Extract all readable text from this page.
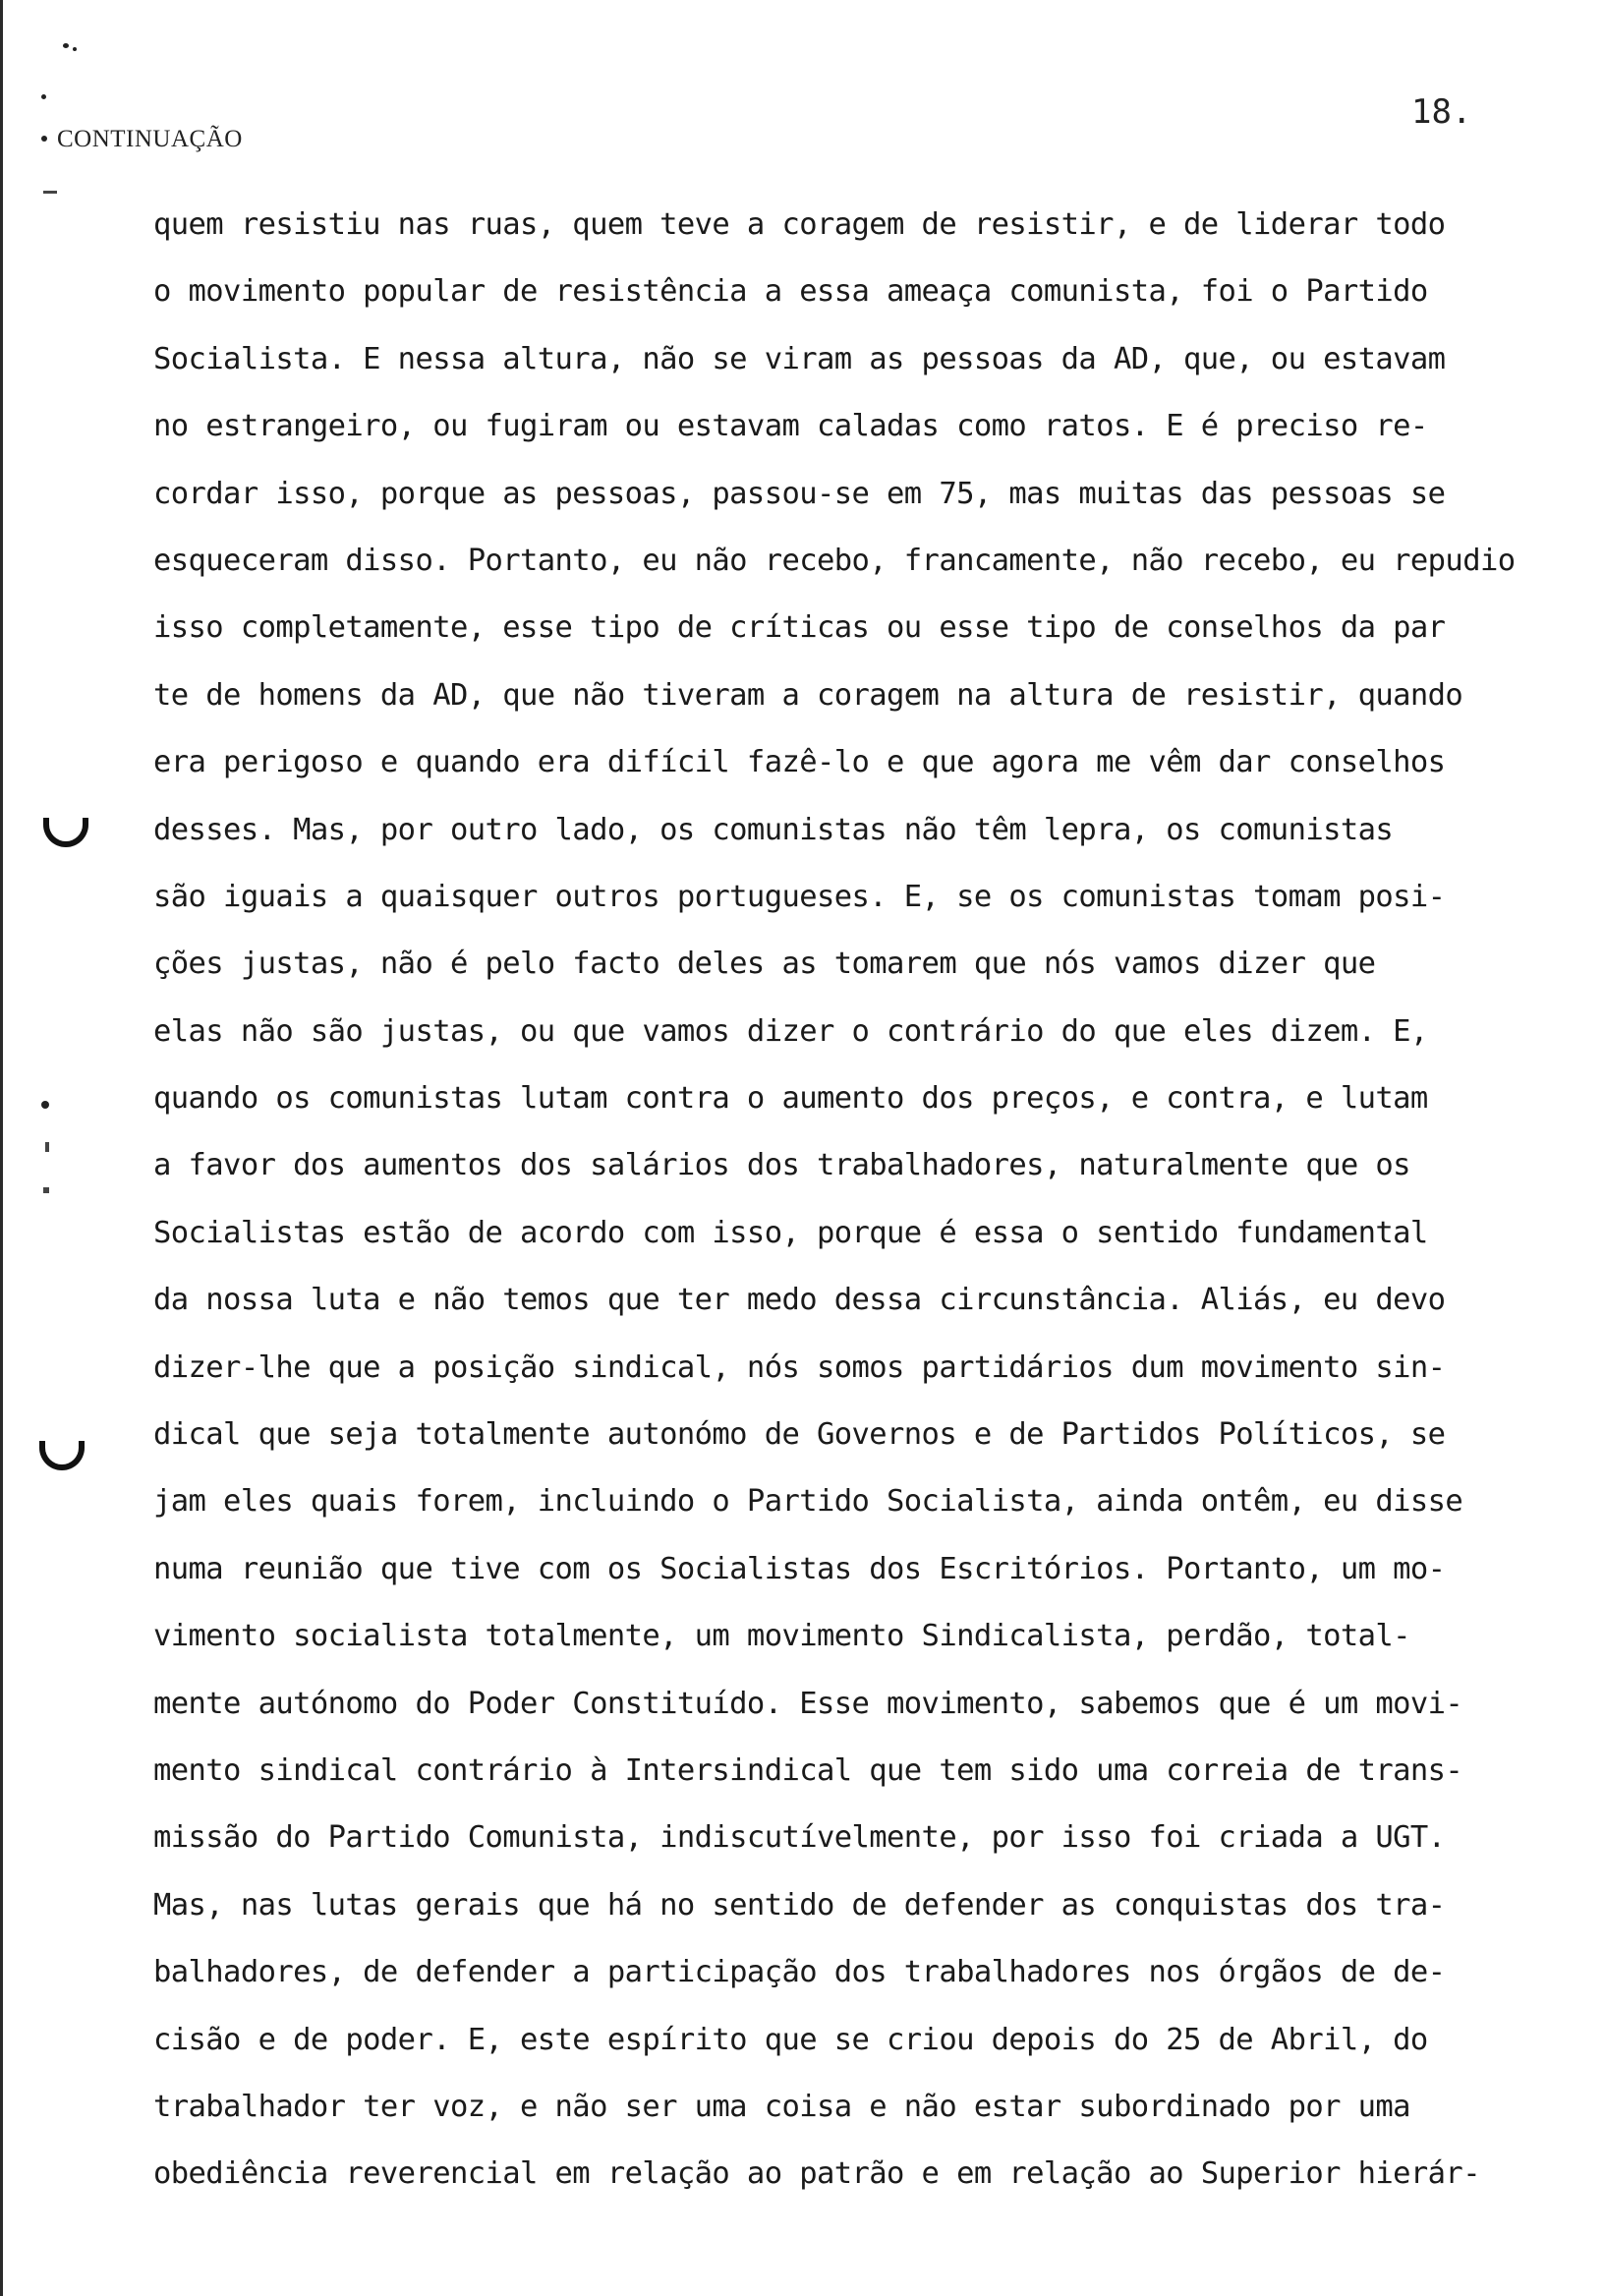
CONTINUAÇÃO
18.
quem resistiu nas ruas, quem teve a coragem de resistir, e de liderar todo
o movimento popular de resistência a essa ameaça comunista, foi o Partido
Socialista. E nessa altura, não se viram as pessoas da AD, que, ou estavam
no estrangeiro, ou fugiram ou estavam caladas como ratos. E é preciso re-
cordar isso, porque as pessoas, passou-se em 75, mas muitas das pessoas se
esqueceram disso. Portanto, eu não recebo, francamente, não recebo, eu repudio
isso completamente, esse tipo de críticas ou esse tipo de conselhos da par
te de homens da AD, que não tiveram a coragem na altura de resistir, quando
era perigoso e quando era difícil fazê-lo e que agora me vêm dar conselhos
desses. Mas, por outro lado, os comunistas não têm lepra, os comunistas
são iguais a quaisquer outros portugueses. E, se os comunistas tomam posi-
ções justas, não é pelo facto deles as tomarem que nós vamos dizer que
elas não são justas, ou que vamos dizer o contrário do que eles dizem. E,
quando os comunistas lutam contra o aumento dos preços, e contra, e lutam
a favor dos aumentos dos salários dos trabalhadores, naturalmente que os
Socialistas estão de acordo com isso, porque é essa o sentido fundamental
da nossa luta e não temos que ter medo dessa circunstância. Aliás, eu devo
dizer-lhe que a posição sindical, nós somos partidários dum movimento sin-
dical que seja totalmente autonómo de Governos e de Partidos Políticos, se
jam eles quais forem, incluindo o Partido Socialista, ainda ontêm, eu disse
numa reunião que tive com os Socialistas dos Escritórios. Portanto, um mo-
vimento socialista totalmente, um movimento Sindicalista, perdão, total-
mente autónomo do Poder Constituído. Esse movimento, sabemos que é um movi-
mento sindical contrário à Intersindical que tem sido uma correia de trans-
missão do Partido Comunista, indiscutívelmente, por isso foi criada a UGT.
Mas, nas lutas gerais que há no sentido de defender as conquistas dos tra-
balhadores, de defender a participação dos trabalhadores nos órgãos de de-
cisão e de poder. E, este espírito que se criou depois do 25 de Abril, do
trabalhador ter voz, e não ser uma coisa e não estar subordinado por uma
obediência reverencial em relação ao patrão e em relação ao Superior hierár-
